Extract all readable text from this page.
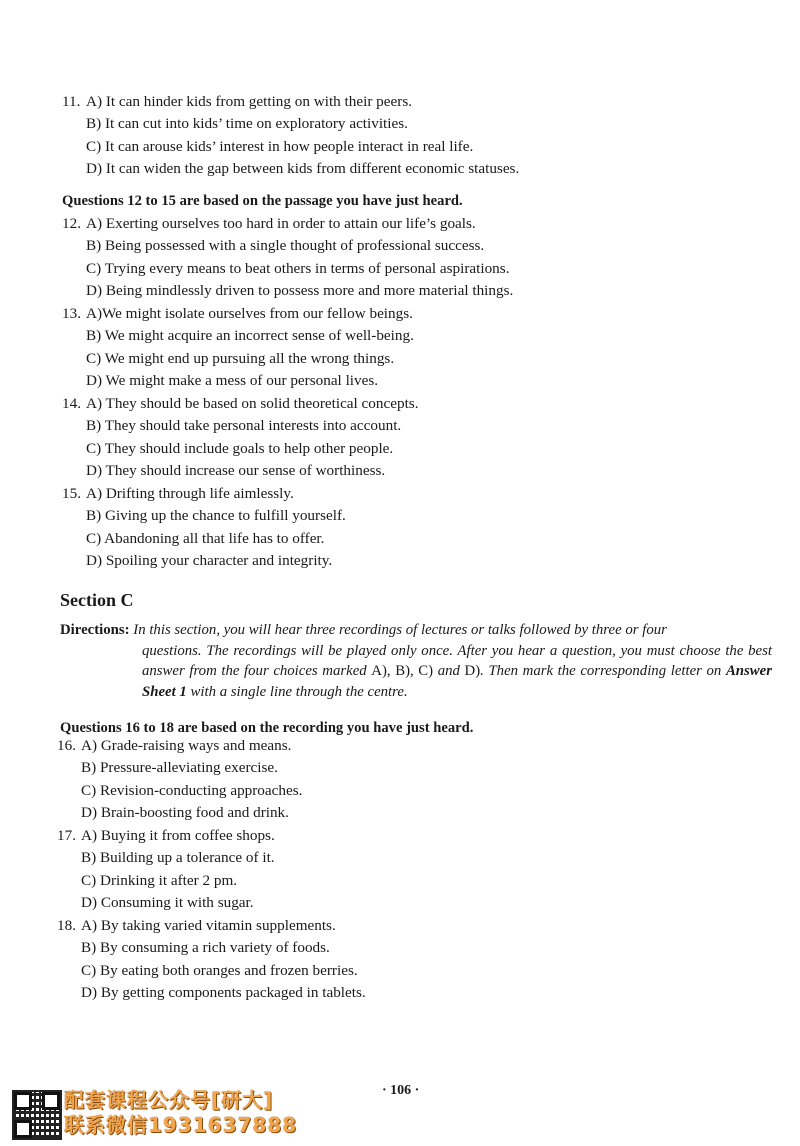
11. A) It can hinder kids from getting on with their peers.
B) It can cut into kids’ time on exploratory activities.
C) It can arouse kids’ interest in how people interact in real life.
D) It can widen the gap between kids from different economic statuses.
Questions 12 to 15 are based on the passage you have just heard.
12. A) Exerting ourselves too hard in order to attain our life’s goals.
B) Being possessed with a single thought of professional success.
C) Trying every means to beat others in terms of personal aspirations.
D) Being mindlessly driven to possess more and more material things.
13. A)We might isolate ourselves from our fellow beings.
B) We might acquire an incorrect sense of well-being.
C) We might end up pursuing all the wrong things.
D) We might make a mess of our personal lives.
14. A) They should be based on solid theoretical concepts.
B) They should take personal interests into account.
C) They should include goals to help other people.
D) They should increase our sense of worthiness.
15. A) Drifting through life aimlessly.
B) Giving up the chance to fulfill yourself.
C) Abandoning all that life has to offer.
D) Spoiling your character and integrity.
Section C
Directions: In this section, you will hear three recordings of lectures or talks followed by three or four
questions. The recordings will be played only once. After you hear a question, you must choose the best answer from the four choices marked A), B), C) and D). Then mark the corresponding letter on Answer Sheet 1 with a single line through the centre.
Questions 16 to 18 are based on the recording you have just heard.
16. A) Grade-raising ways and means.
B) Pressure-alleviating exercise.
C) Revision-conducting approaches.
D) Brain-boosting food and drink.
17. A) Buying it from coffee shops.
B) Building up a tolerance of it.
C) Drinking it after 2 pm.
D) Consuming it with sugar.
18. A) By taking varied vitamin supplements.
B) By consuming a rich variety of foods.
C) By eating both oranges and frozen berries.
D) By getting components packaged in tablets.
· 106 ·
配套课程公众号[研大]
联系微信1931637888
